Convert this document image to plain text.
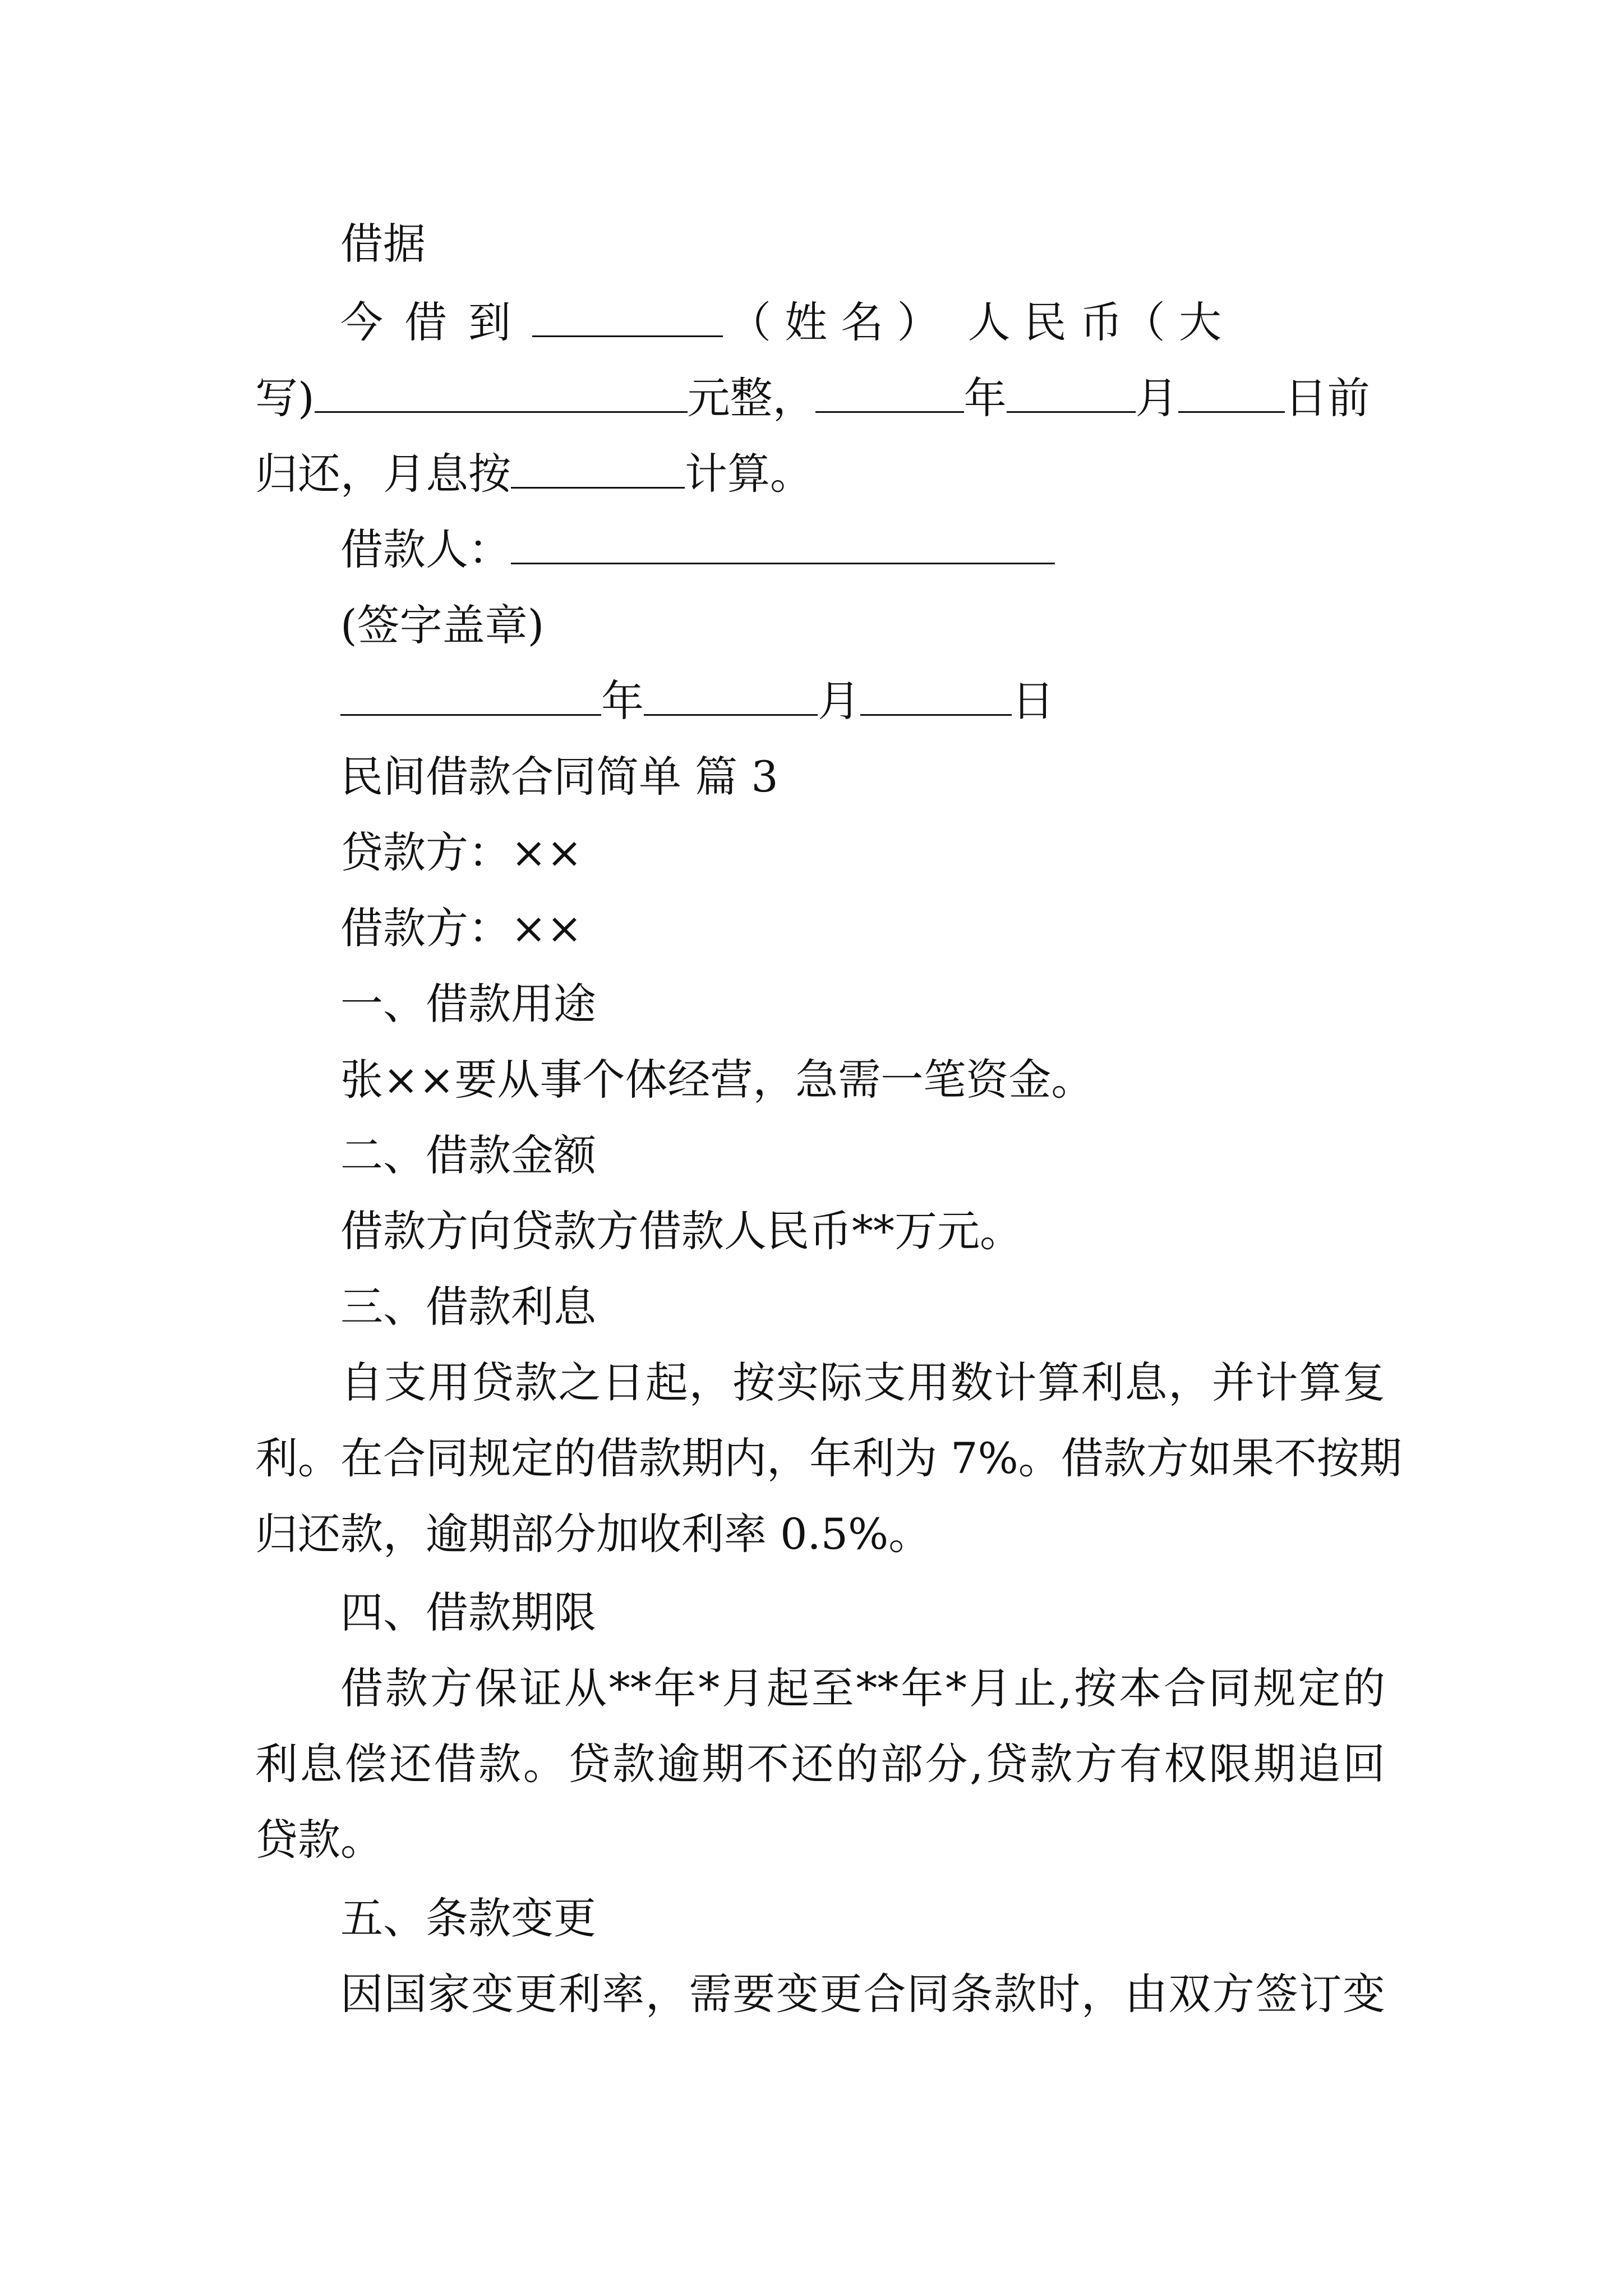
借据
今借到	（ 姓 名 ） 人 民 币（ 大
写)	元整，	年	月	日前
归还，月息按	计算。
借款人：
(签字盖章)
年	月	日
民间借款合同简单 篇 3
贷款方：××
借款方：××
一、借款用途
张××要从事个体经营，急需一笔资金。
二、借款金额
借款方向贷款方借款人民币**万元。
三、借款利息
自支用贷款之日起，按实际支用数计算利息，并计算复
利。在合同规定的借款期内，年利为 7%。借款方如果不按期
归还款，逾期部分加收利率 0.5%。
四、借款期限
借款方保证从**年*月起至**年*月止,按本合同规定的
利息偿还借款。贷款逾期不还的部分,贷款方有权限期追回
贷款。
五、条款变更
因国家变更利率，需要变更合同条款时，由双方签订变
